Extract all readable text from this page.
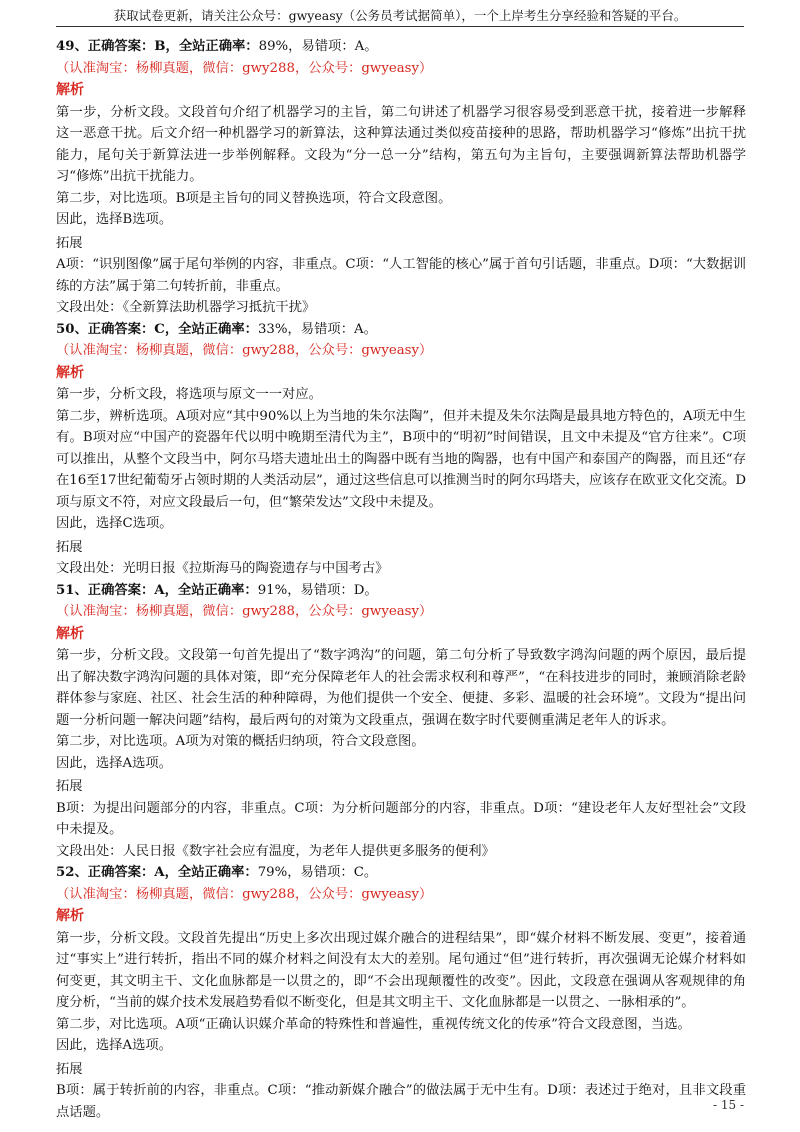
获取试卷更新，请关注公众号：gwyeasy（公务员考试据简单），一个上岸考生分享经验和答疑的平台。
49、正确答案：B，全站正确率：89%，易错项：A。（认准淘宝：杨柳真题，微信：gwy288，公众号：gwyeasy）
解析

第一步，分析文段。文段首句介绍了机器学习的主旨，第二句讲述了机器学习很容易受到恶意干扰，接着进一步解释这一恶意干扰。后文介绍一种机器学习的新算法，这种算法通过类似疫苗接种的思路，帮助机器学习“修炼”出抗干扰能力，尾句关于新算法进一步举例解释。文段为“分一总一分”结构，第五句为主旨句，主要强调新算法帮助机器学习“修炼”出抗干扰能力。

第二步，对比选项。B项是主旨句的同义替换选项，符合文段意图。

因此，选择B选项。

拓展

A项：“识别图像”属于尾句举例的内容，非重点。C项：“人工智能的核心”属于首句引话题，非重点。D项：“大数据训练的方法”属于第二句转折前，非重点。

文段出处：《全新算法助机器学习抵抗干扰》

50、正确答案：C，全站正确率：33%，易错项：A。（认准淘宝：杨柳真题，微信：gwy288，公众号：gwyeasy）
解析

第一步，分析文段，将选项与原文一一对应。

第二步，辨析选项。A项对应“其中90%以上为当地的朱尔法陶”，但并未提及朱尔法陶是最具地方特色的，A项无中生有。B项对应“中国产的瓷器年代以明中晚期至清代为主”，B项中的“明初”时间错误，且文中未提及“官方往来”。C项可以推出，从整个文段当中，阿尔马塔夫遗址出土的陶器中既有当地的陶器，也有中国产和泰国产的陶器，而且还“存在16至17世纪葡萄牙占领时期的人类活动层”，通过这些信息可以推测当时的阿尔玛塔夫，应该存在欧亚文化交流。D项与原文不符，对应文段最后一句，但“繁荣发达”文段中未提及。

因此，选择C选项。

拓展

文段出处：光明日报《拉斯海马的陶瓷遗存与中国考古》

51、正确答案：A，全站正确率：91%，易错项：D。（认准淘宝：杨柳真题，微信：gwy288，公众号：gwyeasy）
解析

第一步，分析文段。文段第一句首先提出了“数字鸿沟”的问题，第二句分析了导致数字鸿沟问题的两个原因，最后提出了解决数字鸿沟问题的具体对策，即“充分保障老年人的社会需求权利和尊严”，“在科技进步的同时，兼顾消除老龄群体参与家庭、社区、社会生活的种种障碍，为他们提供一个安全、便捷、多彩、温暖的社会环境”。文段为“提出问题一分析问题一解决问题”结构，最后两句的对策为文段重点，强调在数字时代要侧重满足老年人的诉求。

第二步，对比选项。A项为对策的概括归纳项，符合文段意图。

因此，选择A选项。

拓展

B项：为提出问题部分的内容，非重点。C项：为分析问题部分的内容，非重点。D项：“建设老年人友好型社会”文段中未提及。

文段出处：人民日报《数字社会应有温度，为老年人提供更多服务的便利》

52、正确答案：A，全站正确率：79%，易错项：C。（认准淘宝：杨柳真题，微信：gwy288，公众号：gwyeasy）
解析

第一步，分析文段。文段首先提出“历史上多次出现过媒介融合的进程结果”，即“媒介材料不断发展、变更”，接着通过“事实上”进行转折，指出不同的媒介材料之间没有太大的差别。尾句通过“但”进行转折，再次强调无论媒介材料如何变更，其文明主干、文化血脉都是一以贯之的，即“不会出现颠覆性的改变”。因此，文段意在强调从客观规律的角度分析，“当前的媒介技术发展趋势看似不断变化，但是其文明主干、文化血脉都是一以贯之、一脉相承的”。

第二步，对比选项。A项“正确认识媒介革命的特殊性和普遍性，重视传统文化的传承”符合文段意图，当选。

因此，选择A选项。

拓展

B项：属于转折前的内容，非重点。C项：“推动新媒介融合”的做法属于无中生有。D项：表述过于绝对，且非文段重点话题。	- 15 -
